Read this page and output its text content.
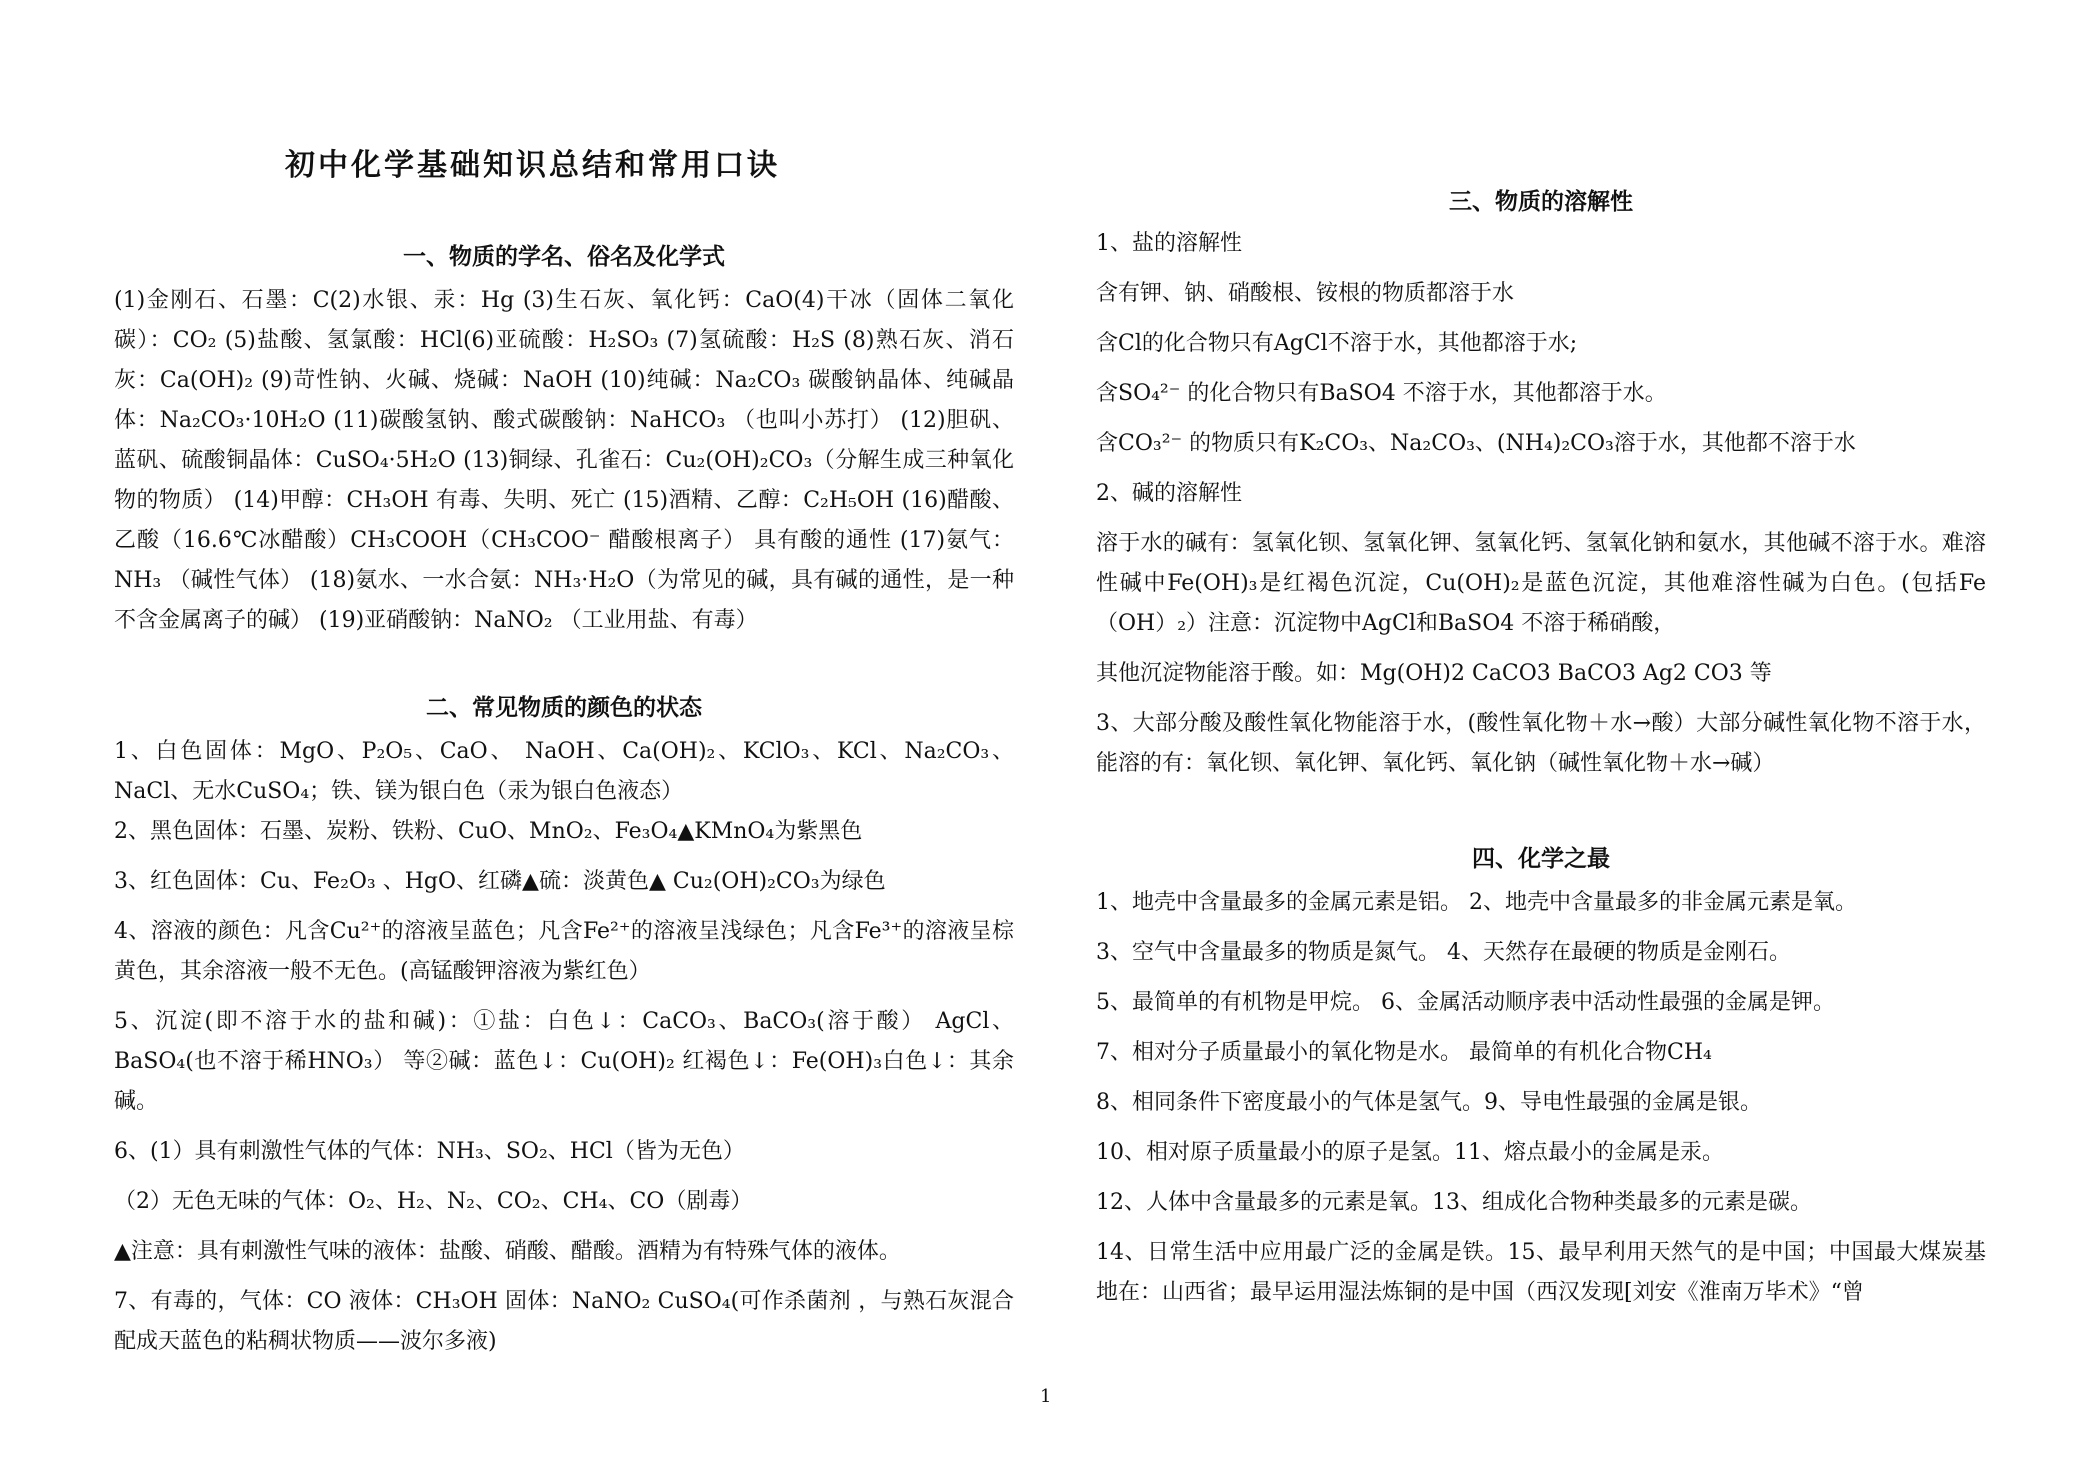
初中化学基础知识总结和常用口诀
一、物质的学名、俗名及化学式
(1)金刚石、石墨：C(2)水银、汞：Hg (3)生石灰、氧化钙：CaO(4)干冰（固体二氧化碳）：CO₂ (5)盐酸、氢氯酸：HCl(6)亚硫酸：H₂SO₃ (7)氢硫酸：H₂S (8)熟石灰、消石灰：Ca(OH)₂ (9)苛性钠、火碱、烧碱：NaOH (10)纯碱：Na₂CO₃ 碳酸钠晶体、纯碱晶体：Na₂CO₃·10H₂O (11)碳酸氢钠、酸式碳酸钠：NaHCO₃ （也叫小苏打） (12)胆矾、蓝矾、硫酸铜晶体：CuSO₄·5H₂O (13)铜绿、孔雀石：Cu₂(OH)₂CO₃（分解生成三种氧化物的物质） (14)甲醇：CH₃OH 有毒、失明、死亡 (15)酒精、乙醇：C₂H₅OH (16)醋酸、乙酸（16.6℃冰醋酸）CH₃COOH（CH₃COO⁻ 醋酸根离子） 具有酸的通性 (17)氨气：NH₃ （碱性气体） (18)氨水、一水合氨：NH₃·H₂O（为常见的碱，具有碱的通性，是一种不含金属离子的碱） (19)亚硝酸钠：NaNO₂ （工业用盐、有毒）
二、常见物质的颜色的状态
1、白色固体：MgO、P₂O₅、CaO、 NaOH、Ca(OH)₂、KClO₃、KCl、Na₂CO₃、NaCl、无水CuSO₄；铁、镁为银白色（汞为银白色液态）
2、黑色固体：石墨、炭粉、铁粉、CuO、MnO₂、Fe₃O₄▲KMnO₄为紫黑色
3、红色固体：Cu、Fe₂O₃ 、HgO、红磷▲硫：淡黄色▲ Cu₂(OH)₂CO₃为绿色
4、溶液的颜色：凡含Cu²⁺的溶液呈蓝色；凡含Fe²⁺的溶液呈浅绿色；凡含Fe³⁺的溶液呈棕黄色，其余溶液一般不无色。(高锰酸钾溶液为紫红色）
5、沉淀(即不溶于水的盐和碱)：①盐：白色↓：CaCO₃、BaCO₃(溶于酸） AgCl、BaSO₄(也不溶于稀HNO₃） 等②碱：蓝色↓：Cu(OH)₂ 红褐色↓：Fe(OH)₃白色↓：其余碱。
6、(1）具有刺激性气体的气体：NH₃、SO₂、HCl（皆为无色）
（2）无色无味的气体：O₂、H₂、N₂、CO₂、CH₄、CO（剧毒）
▲注意：具有刺激性气味的液体：盐酸、硝酸、醋酸。酒精为有特殊气体的液体。
7、有毒的，气体：CO 液体：CH₃OH 固体：NaNO₂ CuSO₄(可作杀菌剂 ，与熟石灰混合配成天蓝色的粘稠状物质——波尔多液)
三、物质的溶解性
1、盐的溶解性
含有钾、钠、硝酸根、铵根的物质都溶于水
含Cl的化合物只有AgCl不溶于水，其他都溶于水;
含SO₄²⁻ 的化合物只有BaSO4 不溶于水，其他都溶于水。
含CO₃²⁻ 的物质只有K₂CO₃、Na₂CO₃、(NH₄)₂CO₃溶于水，其他都不溶于水
2、碱的溶解性
溶于水的碱有：氢氧化钡、氢氧化钾、氢氧化钙、氢氧化钠和氨水，其他碱不溶于水。难溶性碱中Fe(OH)₃是红褐色沉淀，Cu(OH)₂是蓝色沉淀，其他难溶性碱为白色。(包括Fe（OH）₂）注意：沉淀物中AgCl和BaSO4 不溶于稀硝酸，
其他沉淀物能溶于酸。如：Mg(OH)2 CaCO3 BaCO3 Ag2 CO3 等
3、大部分酸及酸性氧化物能溶于水，(酸性氧化物＋水→酸）大部分碱性氧化物不溶于水，能溶的有：氧化钡、氧化钾、氧化钙、氧化钠（碱性氧化物＋水→碱）
四、化学之最
1、地壳中含量最多的金属元素是铝。 2、地壳中含量最多的非金属元素是氧。
3、空气中含量最多的物质是氮气。 4、天然存在最硬的物质是金刚石。
5、最简单的有机物是甲烷。 6、金属活动顺序表中活动性最强的金属是钾。
7、相对分子质量最小的氧化物是水。 最简单的有机化合物CH₄
8、相同条件下密度最小的气体是氢气。9、导电性最强的金属是银。
10、相对原子质量最小的原子是氢。11、熔点最小的金属是汞。
12、人体中含量最多的元素是氧。13、组成化合物种类最多的元素是碳。
14、日常生活中应用最广泛的金属是铁。15、最早利用天然气的是中国；中国最大煤炭基地在：山西省；最早运用湿法炼铜的是中国（西汉发现[刘安《淮南万毕术》“曾
1
